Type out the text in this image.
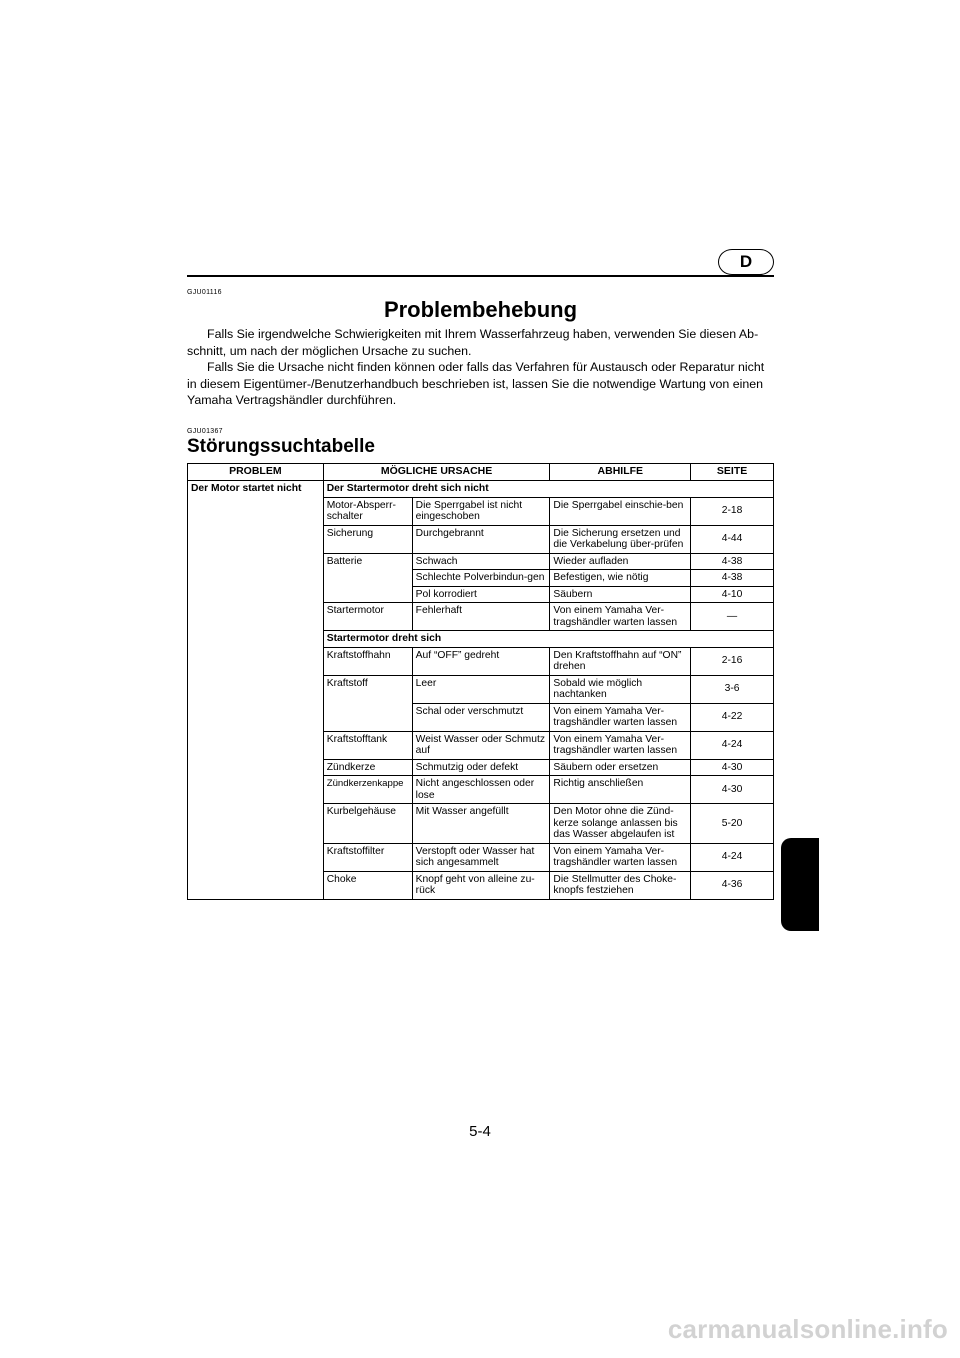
D
GJU01116
Problembehebung

Falls Sie irgendwelche Schwierigkeiten mit Ihrem Wasserfahrzeug haben, verwenden Sie diesen Ab-schnitt, um nach der möglichen Ursache zu suchen.

Falls Sie die Ursache nicht finden können oder falls das Verfahren für Austausch oder Reparatur nicht in diesem Eigentümer-/Benutzerhandbuch beschrieben ist, lassen Sie die notwendige Wartung von einen Yamaha Vertragshändler durchführen.

GJU01367
Störungssuchtabelle
PROBLEM	MÖGLICHE URSACHE		ABHILFE	SEITE
Der Motor startet nicht	Der Startermotor dreht sich nicht			
	Motor-Absperr-schalter	Die Sperrgabel ist nicht eingeschoben	Die Sperrgabel einschie-ben	2-18
	Sicherung	Durchgebrannt	Die Sicherung ersetzen und die Verkabelung über-prüfen	4-44
	Batterie	Schwach	Wieder aufladen	4-38
		Schlechte Polverbindun-gen	Befestigen, wie nötig	4-38
		Pol korrodiert	Säubern	4-10
	Startermotor	Fehlerhaft	Von einem Yamaha Ver-tragshändler warten lassen	—
	Startermotor dreht sich			
	Kraftstoffhahn	Auf “OFF” gedreht	Den Kraftstoffhahn auf “ON” drehen	2-16
	Kraftstoff	Leer	Sobald wie möglich nachtanken	3-6
		Schal oder verschmutzt	Von einem Yamaha Ver-tragshändler warten lassen	4-22
	Kraftstofftank	Weist Wasser oder Schmutz auf	Von einem Yamaha Ver-tragshändler warten lassen	4-24
	Zündkerze	Schmutzig oder defekt	Säubern oder ersetzen	4-30
	Zündkerzenkappe	Nicht angeschlossen oder lose	Richtig anschließen	4-30
	Kurbelgehäuse	Mit Wasser angefüllt	Den Motor ohne die Zünd-kerze solange anlassen bis das Wasser abgelaufen ist	5-20
	Kraftstoffilter	Verstopft oder Wasser hat sich angesammelt	Von einem Yamaha Ver-tragshändler warten lassen	4-24
	Choke	Knopf geht von alleine zu-rück	Die Stellmutter des Choke-knopfs festziehen	4-36
5-4
carmanualsonline.info
